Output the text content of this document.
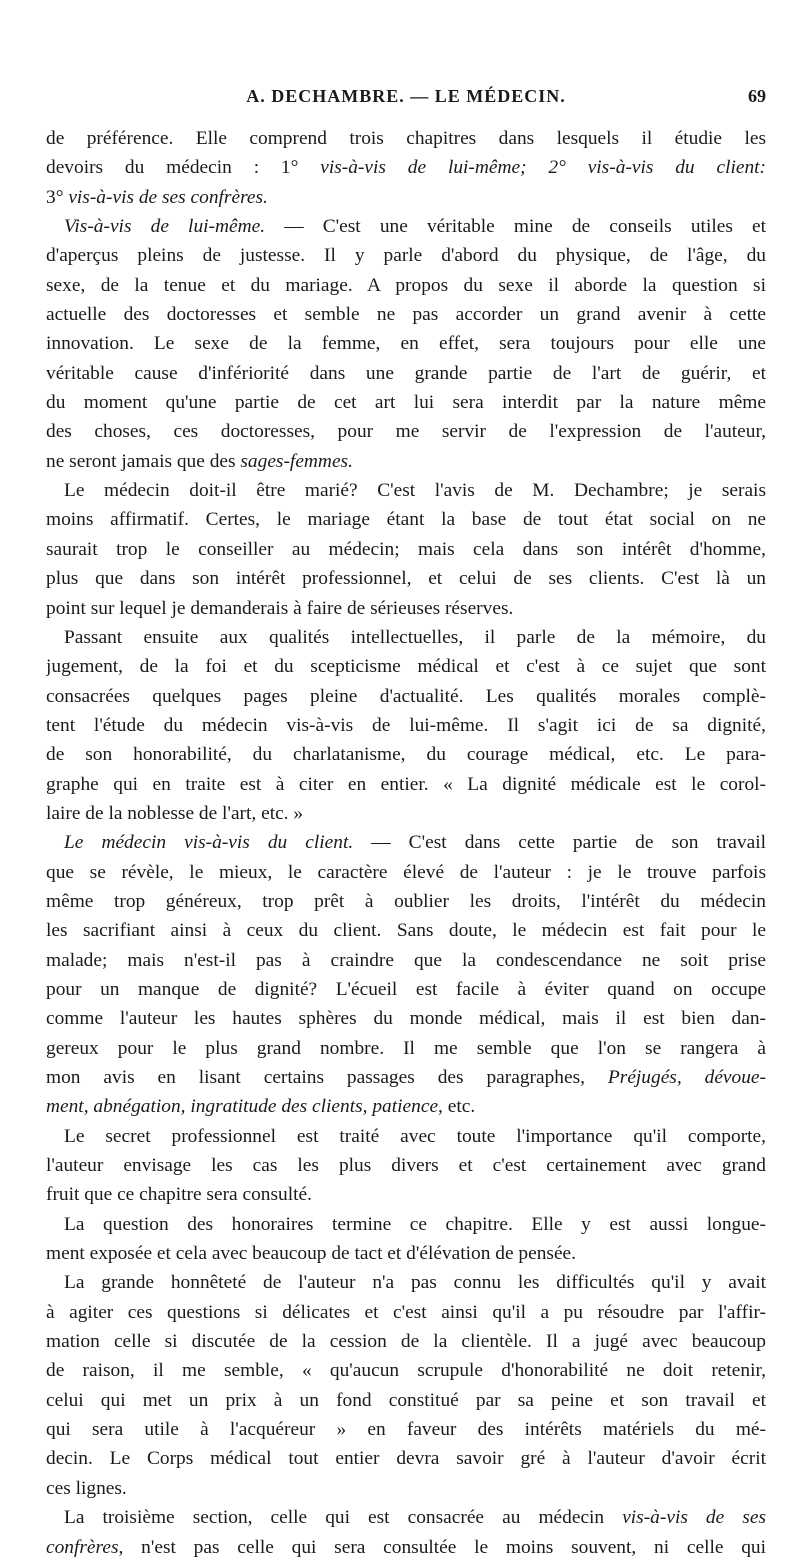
A. DECHAMBRE. — LE MÉDECIN.	69
de préférence. Elle comprend trois chapitres dans lesquels il étudie les
devoirs du médecin : 1° vis-à-vis de lui-même; 2° vis-à-vis du client:
3° vis-à-vis de ses confrères.
Vis-à-vis de lui-même. — C'est une véritable mine de conseils utiles et
d'aperçus pleins de justesse. Il y parle d'abord du physique, de l'âge, du
sexe, de la tenue et du mariage. A propos du sexe il aborde la question si
actuelle des doctoresses et semble ne pas accorder un grand avenir à cette
innovation. Le sexe de la femme, en effet, sera toujours pour elle une
véritable cause d'infériorité dans une grande partie de l'art de guérir, et
du moment qu'une partie de cet art lui sera interdit par la nature même
des choses, ces doctoresses, pour me servir de l'expression de l'auteur,
ne seront jamais que des sages-femmes.
Le médecin doit-il être marié? C'est l'avis de M. Dechambre; je serais
moins affirmatif. Certes, le mariage étant la base de tout état social on ne
saurait trop le conseiller au médecin; mais cela dans son intérêt d'homme,
plus que dans son intérêt professionnel, et celui de ses clients. C'est là un
point sur lequel je demanderais à faire de sérieuses réserves.
Passant ensuite aux qualités intellectuelles, il parle de la mémoire, du
jugement, de la foi et du scepticisme médical et c'est à ce sujet que sont
consacrées quelques pages pleine d'actualité. Les qualités morales complè-
tent l'étude du médecin vis-à-vis de lui-même. Il s'agit ici de sa dignité,
de son honorabilité, du charlatanisme, du courage médical, etc. Le para-
graphe qui en traite est à citer en entier. « La dignité médicale est le corol-
laire de la noblesse de l'art, etc. »
Le médecin vis-à-vis du client. — C'est dans cette partie de son travail
que se révèle, le mieux, le caractère élevé de l'auteur : je le trouve parfois
même trop généreux, trop prêt à oublier les droits, l'intérêt du médecin
les sacrifiant ainsi à ceux du client. Sans doute, le médecin est fait pour le
malade; mais n'est-il pas à craindre que la condescendance ne soit prise
pour un manque de dignité? L'écueil est facile à éviter quand on occupe
comme l'auteur les hautes sphères du monde médical, mais il est bien dan-
gereux pour le plus grand nombre. Il me semble que l'on se rangera à
mon avis en lisant certains passages des paragraphes, Préjugés, dévoue-
ment, abnégation, ingratitude des clients, patience, etc.
Le secret professionnel est traité avec toute l'importance qu'il comporte,
l'auteur envisage les cas les plus divers et c'est certainement avec grand
fruit que ce chapitre sera consulté.
La question des honoraires termine ce chapitre. Elle y est aussi longue-
ment exposée et cela avec beaucoup de tact et d'élévation de pensée.
La grande honnêteté de l'auteur n'a pas connu les difficultés qu'il y avait
à agiter ces questions si délicates et c'est ainsi qu'il a pu résoudre par l'affir-
mation celle si discutée de la cession de la clientèle. Il a jugé avec beaucoup
de raison, il me semble, « qu'aucun scrupule d'honorabilité ne doit retenir,
celui qui met un prix à un fond constitué par sa peine et son travail et
qui sera utile à l'acquéreur » en faveur des intérêts matériels du mé-
decin. Le Corps médical tout entier devra savoir gré à l'auteur d'avoir écrit
ces lignes.
La troisième section, celle qui est consacrée au médecin vis-à-vis de ses
confrères, n'est pas celle qui sera consultée le moins souvent, ni celle qui
